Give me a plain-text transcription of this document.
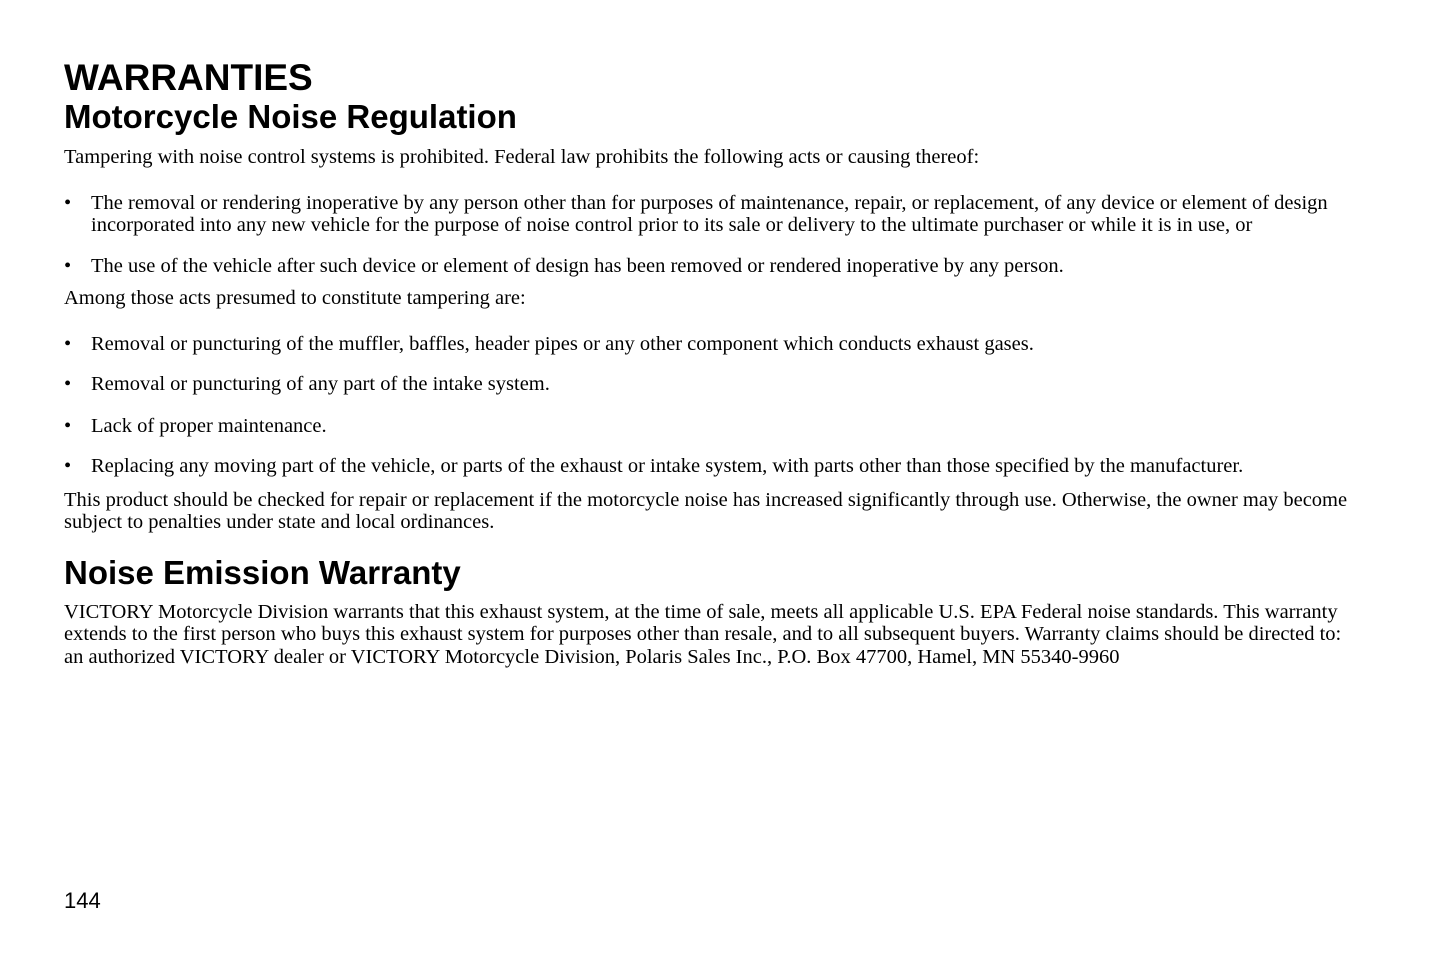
WARRANTIES
Motorcycle Noise Regulation

Tampering with noise control systems is prohibited. Federal law prohibits the following acts or causing thereof:

• The removal or rendering inoperative by any person other than for purposes of maintenance, repair, or replacement, of any device or element of design incorporated into any new vehicle for the purpose of noise control prior to its sale or delivery to the ultimate purchaser or while it is in use, or
• The use of the vehicle after such device or element of design has been removed or rendered inoperative by any person.

Among those acts presumed to constitute tampering are:

• Removal or puncturing of the muffler, baffles, header pipes or any other component which conducts exhaust gases.
• Removal or puncturing of any part of the intake system.
• Lack of proper maintenance.
• Replacing any moving part of the vehicle, or parts of the exhaust or intake system, with parts other than those specified by the manufacturer.

This product should be checked for repair or replacement if the motorcycle noise has increased significantly through use. Otherwise, the owner may become subject to penalties under state and local ordinances.

Noise Emission Warranty

VICTORY Motorcycle Division warrants that this exhaust system, at the time of sale, meets all applicable U.S. EPA Federal noise standards. This warranty extends to the first person who buys this exhaust system for purposes other than resale, and to all subsequent buyers. Warranty claims should be directed to: an authorized VICTORY dealer or VICTORY Motorcycle Division, Polaris Sales Inc., P.O. Box 47700, Hamel, MN 55340-9960

144
